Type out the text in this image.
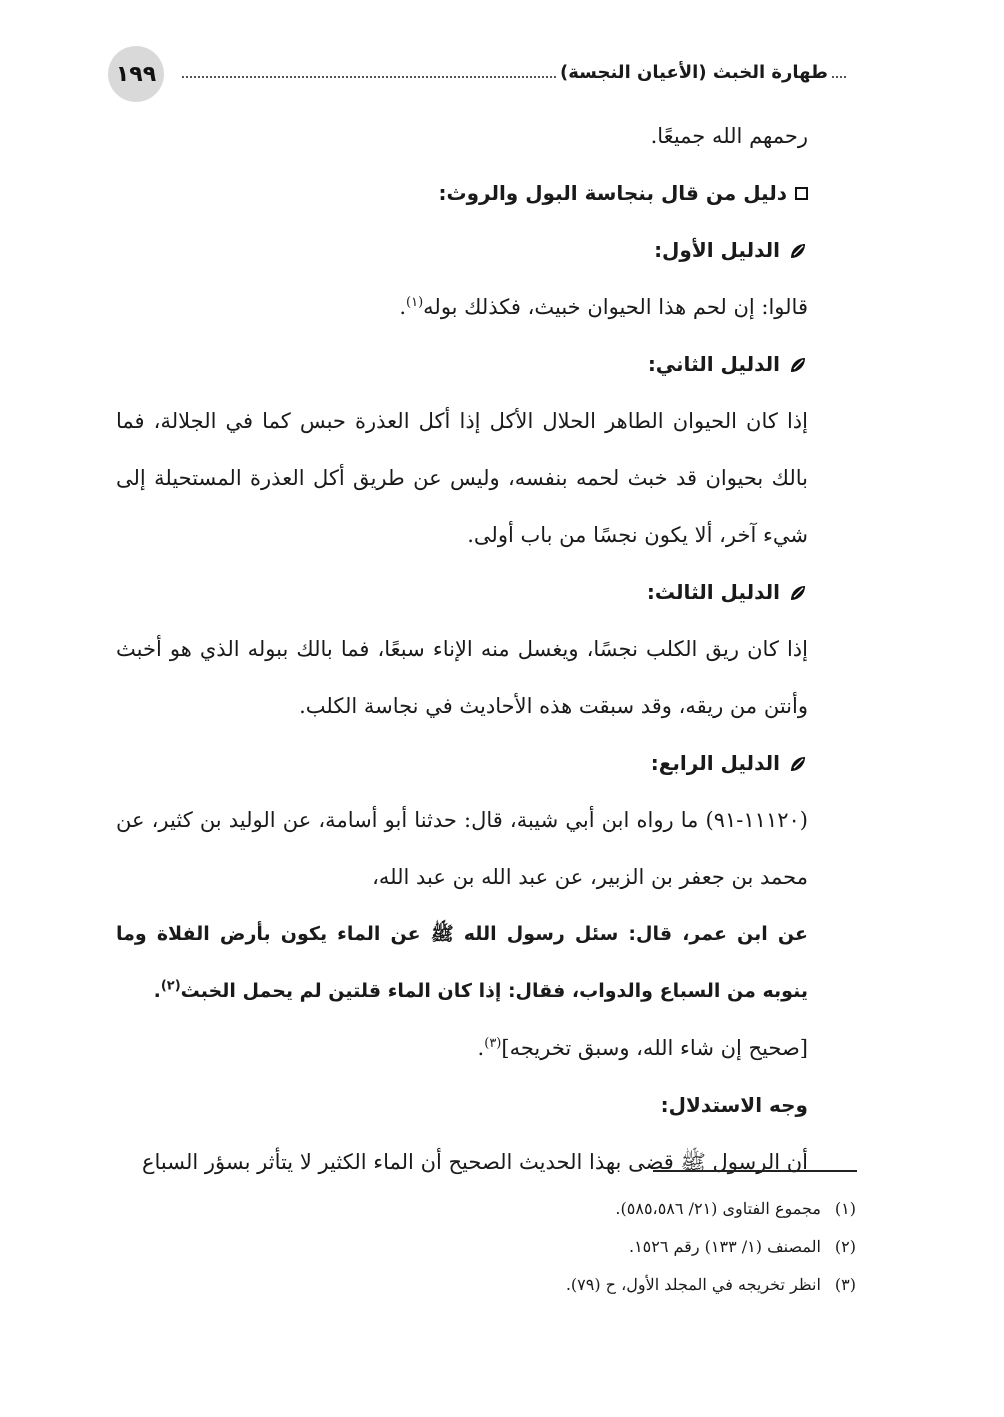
١٩٩	طهارة الخبث (الأعيان النجسة)

رحمهم الله جميعًا.

دليل من قال بنجاسة البول والروث:

الدليل الأول:

قالوا: إن لحم هذا الحيوان خبيث، فكذلك بوله$^{(١)}$.

الدليل الثاني:

إذا كان الحيوان الطاهر الحلال الأكل إذا أكل العذرة حبس كما في الجلالة، فما بالك بحيوان قد خبث لحمه بنفسه، وليس عن طريق أكل العذرة المستحيلة إلى شيء آخر، ألا يكون نجسًا من باب أولى.

الدليل الثالث:

إذا كان ريق الكلب نجسًا، ويغسل منه الإناء سبعًا، فما بالك ببوله الذي هو أخبث وأنتن من ريقه، وقد سبقت هذه الأحاديث في نجاسة الكلب.

الدليل الرابع:

(١١١٢٠-٩١) ما رواه ابن أبي شيبة، قال: حدثنا أبو أسامة، عن الوليد بن كثير، عن محمد بن جعفر بن الزبير، عن عبد الله بن عبد الله،

عن ابن عمر، قال: سئل رسول الله ﷺ عن الماء يكون بأرض الفلاة وما ينوبه من السباع والدواب، فقال: إذا كان الماء قلتين لم يحمل الخبث$^{(٢)}$.

[صحيح إن شاء الله، وسبق تخريجه]$^{(٣)}$.

وجه الاستدلال:

أن الرسول ﷺ قضى بهذا الحديث الصحيح أن الماء الكثير لا يتأثر بسؤر السباع

(١)
مجموع الفتاوى (٢١/ ٥٨٥،٥٨٦).
(٢)
المصنف (١/ ١٣٣) رقم ١٥٢٦.
(٣)
انظر تخريجه في المجلد الأول، ح (٧٩).
